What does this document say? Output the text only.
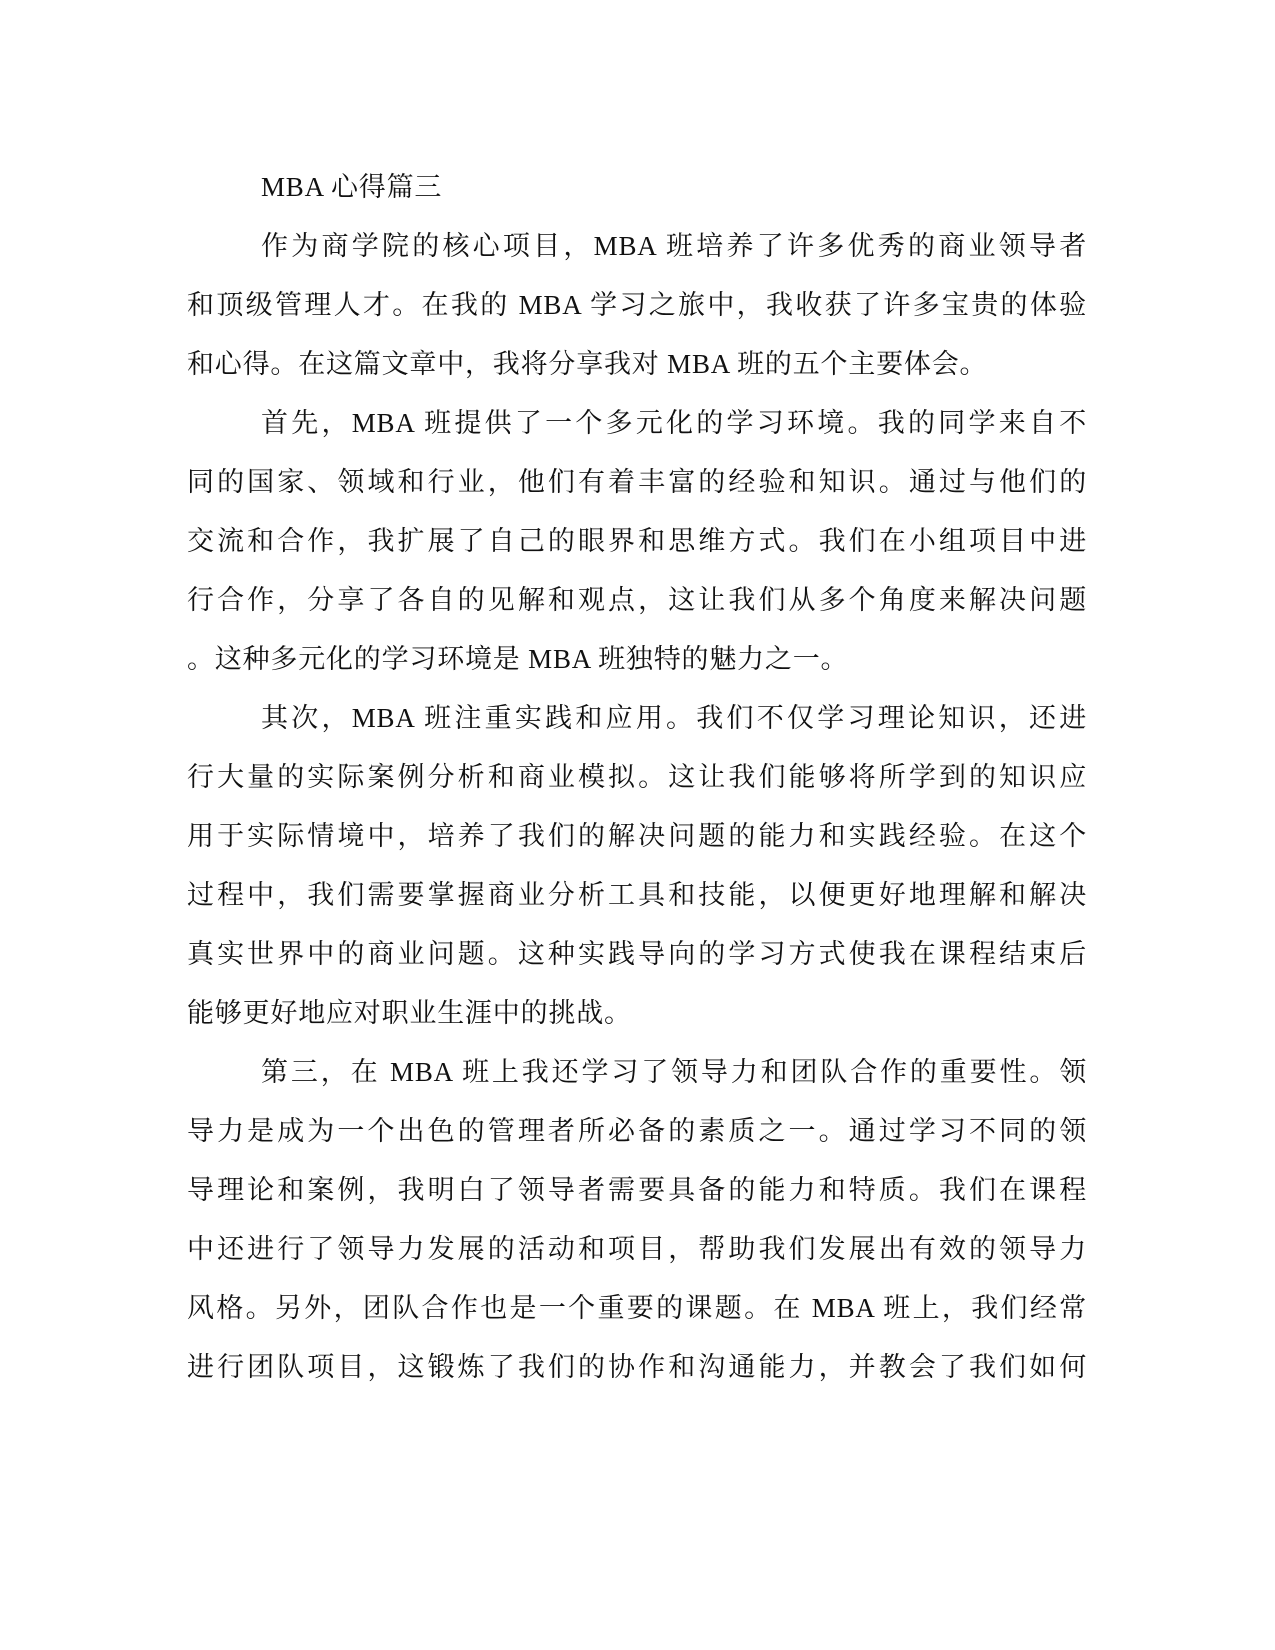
MBA 心得篇三
作为商学院的核心项目，MBA 班培养了许多优秀的商业领导者
和顶级管理人才。在我的 MBA 学习之旅中，我收获了许多宝贵的体验
和心得。在这篇文章中，我将分享我对 MBA 班的五个主要体会。
首先，MBA 班提供了一个多元化的学习环境。我的同学来自不
同的国家、领域和行业，他们有着丰富的经验和知识。通过与他们的
交流和合作，我扩展了自己的眼界和思维方式。我们在小组项目中进
行合作，分享了各自的见解和观点，这让我们从多个角度来解决问题
。这种多元化的学习环境是 MBA 班独特的魅力之一。
其次，MBA 班注重实践和应用。我们不仅学习理论知识，还进
行大量的实际案例分析和商业模拟。这让我们能够将所学到的知识应
用于实际情境中，培养了我们的解决问题的能力和实践经验。在这个
过程中，我们需要掌握商业分析工具和技能，以便更好地理解和解决
真实世界中的商业问题。这种实践导向的学习方式使我在课程结束后
能够更好地应对职业生涯中的挑战。
第三，在 MBA 班上我还学习了领导力和团队合作的重要性。领
导力是成为一个出色的管理者所必备的素质之一。通过学习不同的领
导理论和案例，我明白了领导者需要具备的能力和特质。我们在课程
中还进行了领导力发展的活动和项目，帮助我们发展出有效的领导力
风格。另外，团队合作也是一个重要的课题。在 MBA 班上，我们经常
进行团队项目，这锻炼了我们的协作和沟通能力，并教会了我们如何
